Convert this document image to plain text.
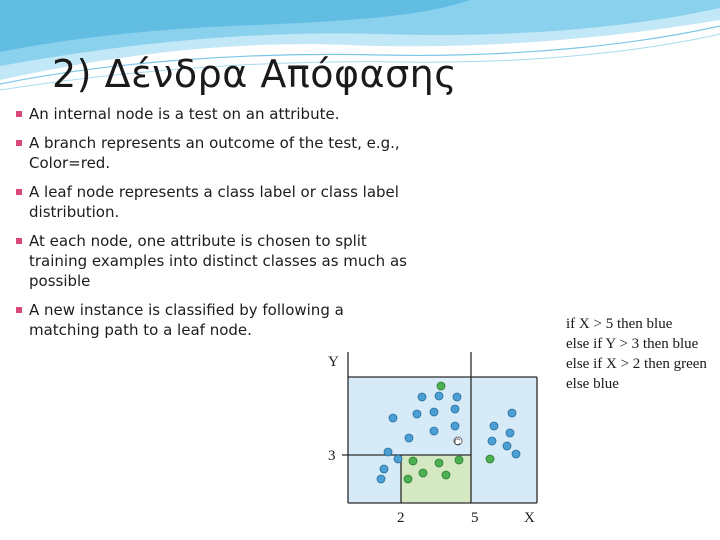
2) Δένδρα Απόφασης
An internal node is a test on an attribute.
A branch represents an outcome of the test, e.g., Color=red.
A leaf node represents a class label or class label distribution.
At each node, one attribute is chosen to split training examples into distinct classes as much as possible
A new instance is classified by following a matching path to a leaf node.	if X > 5 then blue
else if Y > 3 then blue
else if X > 2 then green
else blue
Y
3
2	5	X
C
